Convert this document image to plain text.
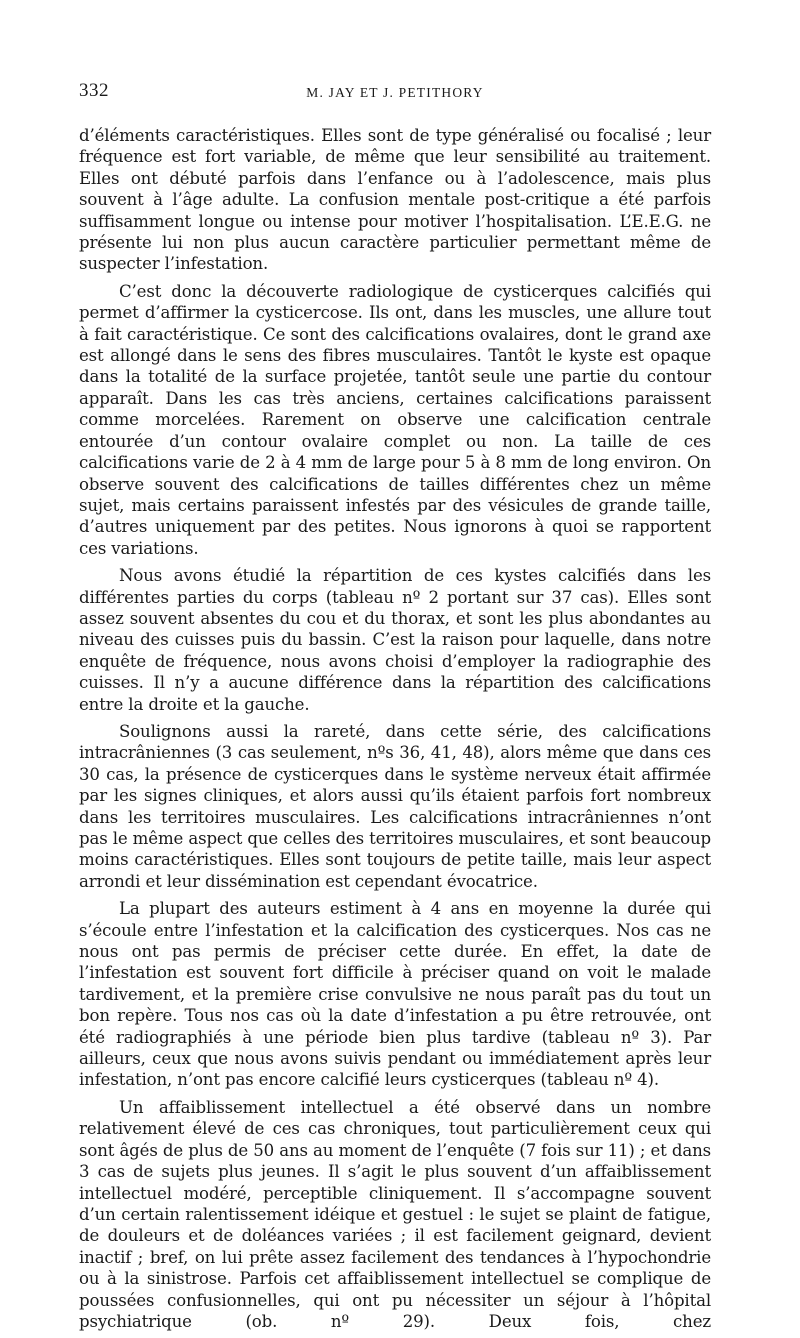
332	M. JAY ET J. PETITHORY

d’éléments caractéristiques. Elles sont de type généralisé ou focalisé ; leur fréquence est fort variable, de même que leur sensibilité au traitement. Elles ont débuté parfois dans l’enfance ou à l’adolescence, mais plus souvent à l’âge adulte. La confusion mentale post-critique a été parfois suffisamment longue ou intense pour motiver l’hospitalisation. L’E.E.G. ne présente lui non plus aucun caractère particulier permettant même de suspecter l’infestation.

C’est donc la découverte radiologique de cysticerques calcifiés qui permet d’affirmer la cysticercose. Ils ont, dans les muscles, une allure tout à fait caractéristique. Ce sont des calcifications ovalaires, dont le grand axe est allongé dans le sens des fibres musculaires. Tantôt le kyste est opaque dans la totalité de la surface projetée, tantôt seule une partie du contour apparaît. Dans les cas très anciens, certaines calcifications paraissent comme morcelées. Rarement on observe une calcification centrale entourée d’un contour ovalaire complet ou non. La taille de ces calcifications varie de 2 à 4 mm de large pour 5 à 8 mm de long environ. On observe souvent des calcifications de tailles différentes chez un même sujet, mais certains paraissent infestés par des vésicules de grande taille, d’autres uniquement par des petites. Nous ignorons à quoi se rapportent ces variations.

Nous avons étudié la répartition de ces kystes calcifiés dans les différentes parties du corps (tableau nº 2 portant sur 37 cas). Elles sont assez souvent absentes du cou et du thorax, et sont les plus abondantes au niveau des cuisses puis du bassin. C’est la raison pour laquelle, dans notre enquête de fréquence, nous avons choisi d’employer la radiographie des cuisses. Il n’y a aucune différence dans la répartition des calcifications entre la droite et la gauche.

Soulignons aussi la rareté, dans cette série, des calcifications intracrâniennes (3 cas seulement, nºs 36, 41, 48), alors même que dans ces 30 cas, la présence de cysticerques dans le système nerveux était affirmée par les signes cliniques, et alors aussi qu’ils étaient parfois fort nombreux dans les territoires musculaires. Les calcifications intracrâniennes n’ont pas le même aspect que celles des territoires musculaires, et sont beaucoup moins caractéristiques. Elles sont toujours de petite taille, mais leur aspect arrondi et leur dissémination est cependant évocatrice.

La plupart des auteurs estiment à 4 ans en moyenne la durée qui s’écoule entre l’infestation et la calcification des cysticerques. Nos cas ne nous ont pas permis de préciser cette durée. En effet, la date de l’infestation est souvent fort difficile à préciser quand on voit le malade tardivement, et la première crise convulsive ne nous paraît pas du tout un bon repère. Tous nos cas où la date d’infestation a pu être retrouvée, ont été radiographiés à une période bien plus tardive (tableau nº 3). Par ailleurs, ceux que nous avons suivis pendant ou immédiatement après leur infestation, n’ont pas encore calcifié leurs cysticerques (tableau nº 4).

Un affaiblissement intellectuel a été observé dans un nombre relativement élevé de ces cas chroniques, tout particulièrement ceux qui sont âgés de plus de 50 ans au moment de l’enquête (7 fois sur 11) ; et dans 3 cas de sujets plus jeunes. Il s’agit le plus souvent d’un affaiblissement intellectuel modéré, perceptible cliniquement. Il s’accompagne souvent d’un certain ralentissement idéique et gestuel : le sujet se plaint de fatigue, de douleurs et de doléances variées ; il est facilement geignard, devient inactif ; bref, on lui prête assez facilement des tendances à l’hypochondrie ou à la sinistrose. Parfois cet affaiblissement intellectuel se complique de poussées confusionnelles, qui ont pu nécessiter un séjour à l’hôpital psychiatrique (ob. nº 29). Deux fois, chez
